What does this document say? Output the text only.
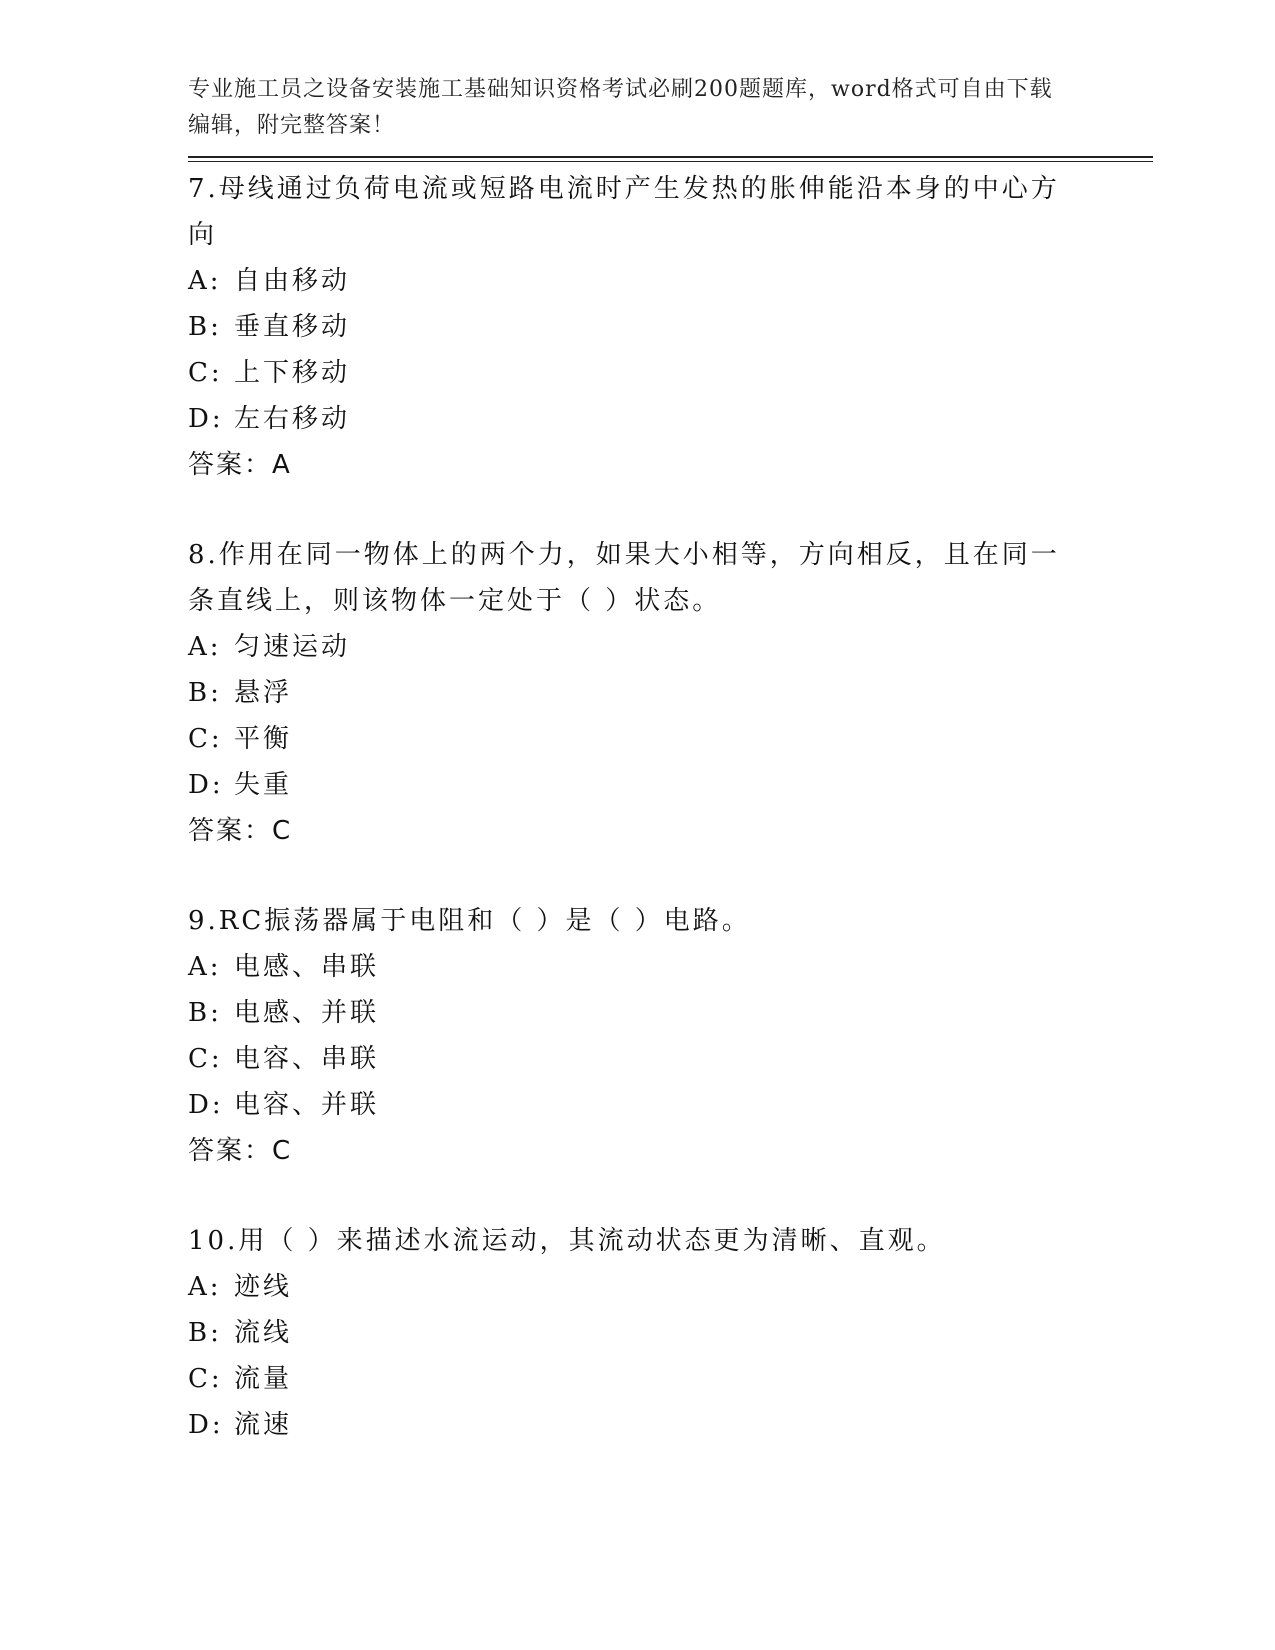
专业施工员之设备安装施工基础知识资格考试必刷200题题库，word格式可自由下载编辑，附完整答案！
7.母线通过负荷电流或短路电流时产生发热的胀伸能沿本身的中心方向
A: 自由移动
B: 垂直移动
C: 上下移动
D: 左右移动
答案：A
8.作用在同一物体上的两个力，如果大小相等，方向相反，且在同一条直线上，则该物体一定处于（ ）状态。
A: 匀速运动
B: 悬浮
C: 平衡
D: 失重
答案：C
9.RC振荡器属于电阻和（ ）是（ ）电路。
A: 电感、串联
B: 电感、并联
C: 电容、串联
D: 电容、并联
答案：C
10.用（ ）来描述水流运动，其流动状态更为清晰、直观。
A: 迹线
B: 流线
C: 流量
D: 流速
